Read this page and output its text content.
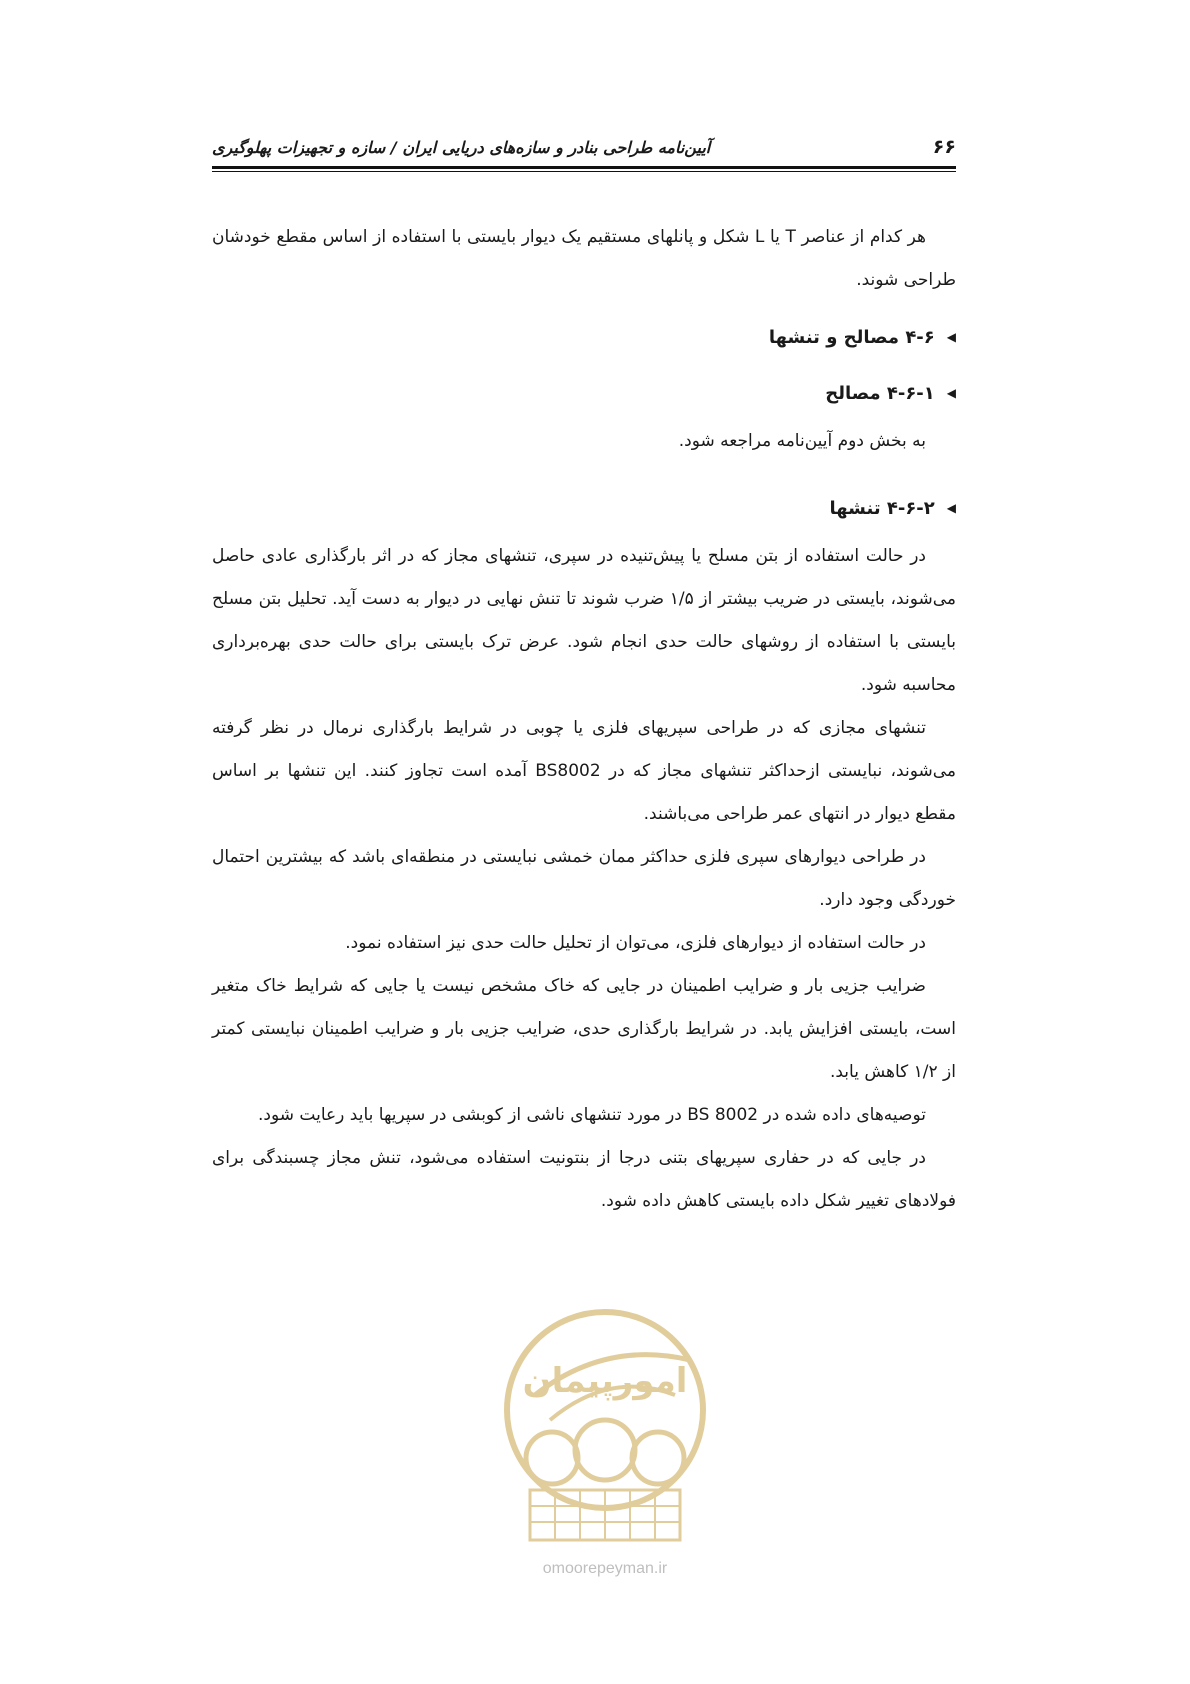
۶۶
آیین‌نامه طراحی بنادر و سازه‌های دریایی ایران / سازه و تجهیزات پهلوگیری

هر کدام از عناصر T یا L شکل و پانلهای مستقیم یک دیوار بایستی با استفاده از اساس مقطع خودشان طراحی شوند.

◀
۴-۶ مصالح و تنشها
◀
۴-۶-۱ مصالح

به بخش دوم آیین‌نامه مراجعه شود.

◀
۴-۶-۲ تنشها

در حالت استفاده از بتن مسلح یا پیش‌تنیده در سپری، تنشهای مجاز که در اثر بارگذاری عادی حاصل می‌شوند، بایستی در ضریب بیشتر از ۱/۵ ضرب شوند تا تنش نهایی در دیوار به دست آید. تحلیل بتن مسلح بایستی با استفاده از روشهای حالت حدی انجام شود. عرض ترک بایستی برای حالت حدی بهره‌برداری محاسبه شود.

تنشهای مجازی که در طراحی سپریهای فلزی یا چوبی در شرایط بارگذاری نرمال در نظر گرفته می‌شوند، نبایستی ازحداکثر تنشهای مجاز که در BS8002 آمده است تجاوز کنند. این تنشها بر اساس مقطع دیوار در انتهای عمر طراحی می‌باشند.

در طراحی دیوارهای سپری فلزی حداکثر ممان خمشی نبایستی در منطقه‌ای باشد که بیشترین احتمال خوردگی وجود دارد.

در حالت استفاده از دیوارهای فلزی، می‌توان از تحلیل حالت حدی نیز استفاده نمود.

ضرایب جزیی بار و ضرایب اطمینان در جایی که خاک مشخص نیست یا جایی که شرایط خاک متغیر است، بایستی افزایش یابد. در شرایط بارگذاری حدی، ضرایب جزیی بار و ضرایب اطمینان نبایستی کمتر از ۱/۲ کاهش یابد.

توصیه‌های داده شده در BS 8002 در مورد تنشهای ناشی از کوبشی در سپریها باید رعایت شود.

در جایی که در حفاری سپریهای بتنی درجا از بنتونیت استفاده می‌شود، تنش مجاز چسبندگی برای فولادهای تغییر شکل داده بایستی کاهش داده شود.

امورپیمان
omoorepeyman.ir
